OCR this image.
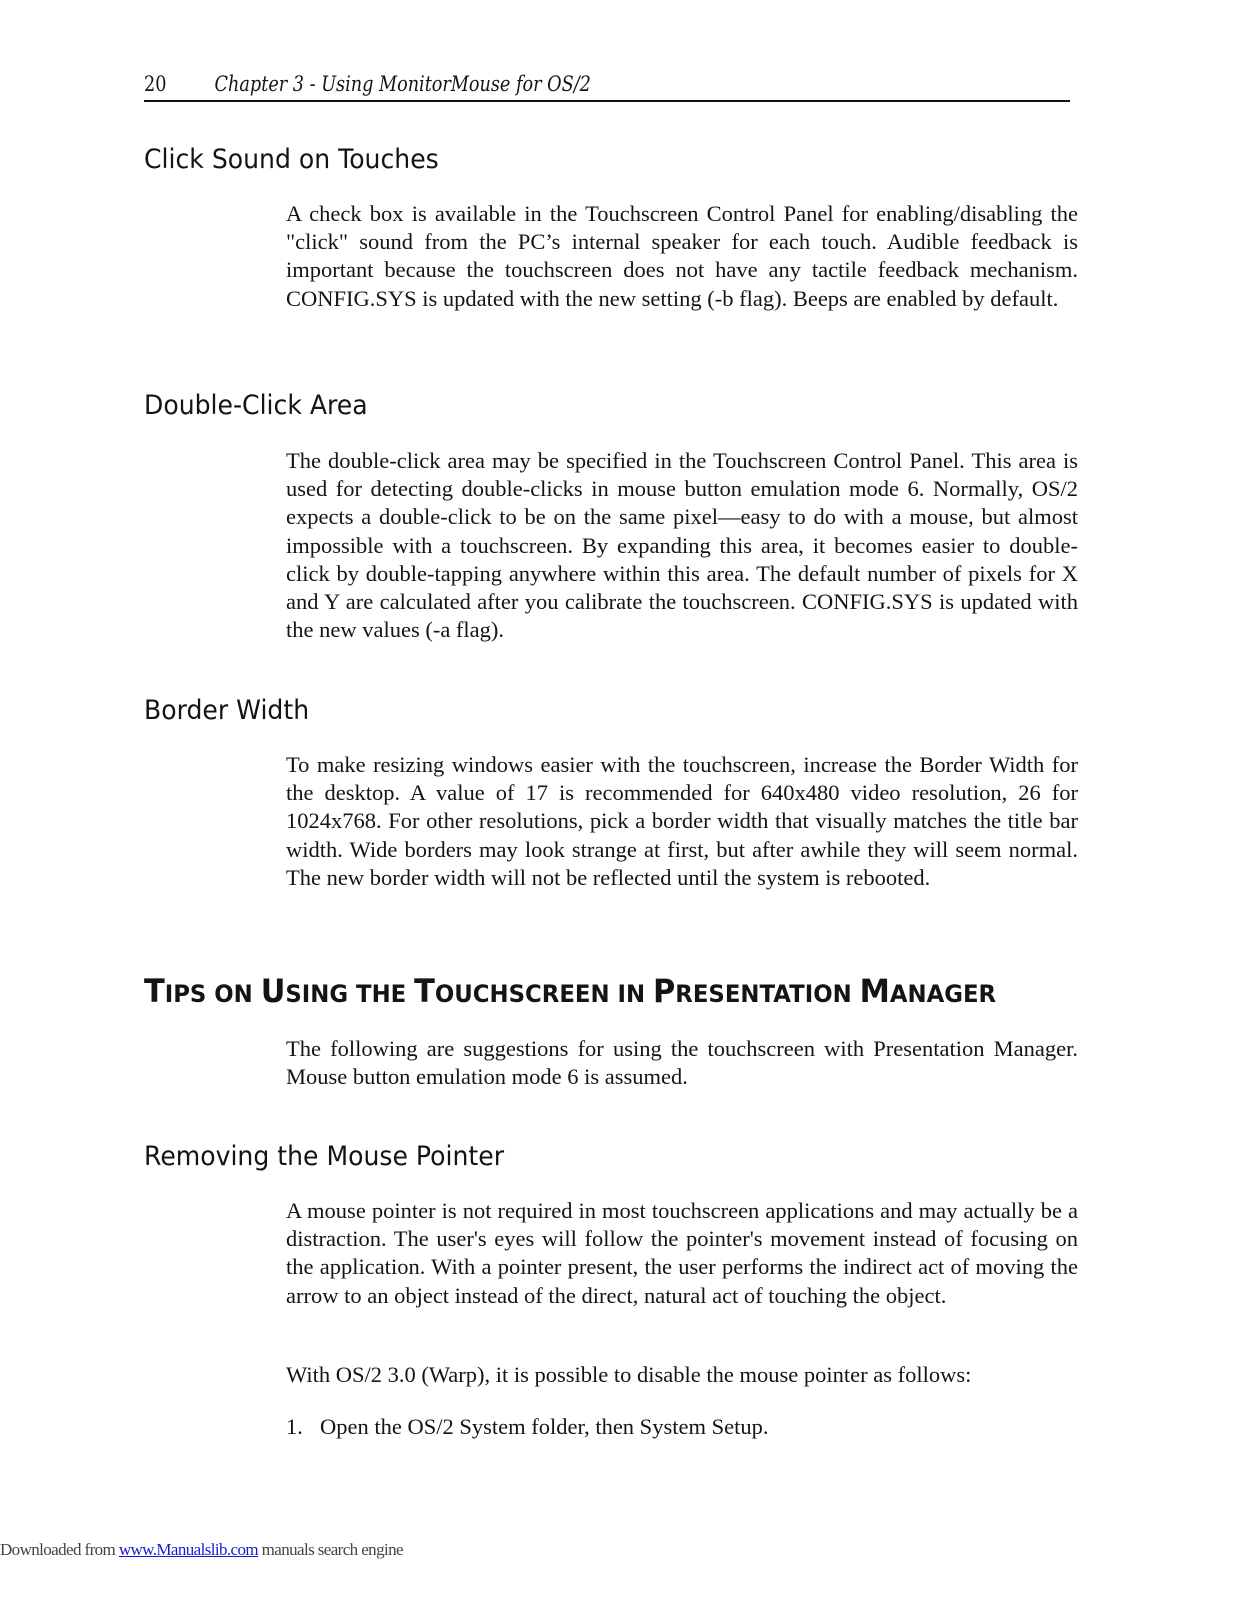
20 Chapter 3 - Using MonitorMouse for OS/2
Click Sound on Touches

A check box is available in the Touchscreen Control Panel for enabling/disabling the "click" sound from the PC’s internal speaker for each touch. Audible feedback is important because the touchscreen does not have any tactile feedback mechanism. CONFIG.SYS is updated with the new setting (-b flag). Beeps are enabled by default.

Double-Click Area

The double-click area may be specified in the Touchscreen Control Panel. This area is used for detecting double-clicks in mouse button emulation mode 6. Normally, OS/2 expects a double-click to be on the same pixel—easy to do with a mouse, but almost impossible with a touchscreen. By expanding this area, it becomes easier to double-click by double-tapping anywhere within this area. The default number of pixels for X and Y are calculated after you calibrate the touchscreen. CONFIG.SYS is updated with the new values (-a flag).

Border Width

To make resizing windows easier with the touchscreen, increase the Border Width for the desktop. A value of 17 is recommended for 640x480 video resolution, 26 for 1024x768. For other resolutions, pick a border width that visually matches the title bar width. Wide borders may look strange at first, but after awhile they will seem normal. The new border width will not be reflected until the system is rebooted.

TIPS ON USING THE TOUCHSCREEN IN PRESENTATION MANAGER

The following are suggestions for using the touchscreen with Presentation Manager. Mouse button emulation mode 6 is assumed.

Removing the Mouse Pointer

A mouse pointer is not required in most touchscreen applications and may actually be a distraction. The user's eyes will follow the pointer's movement instead of focusing on the application. With a pointer present, the user performs the indirect act of moving the arrow to an object instead of the direct, natural act of touching the object.

With OS/2 3.0 (Warp), it is possible to disable the mouse pointer as follows:

1. Open the OS/2 System folder, then System Setup.

Downloaded from www.Manualslib.com manuals search engine
